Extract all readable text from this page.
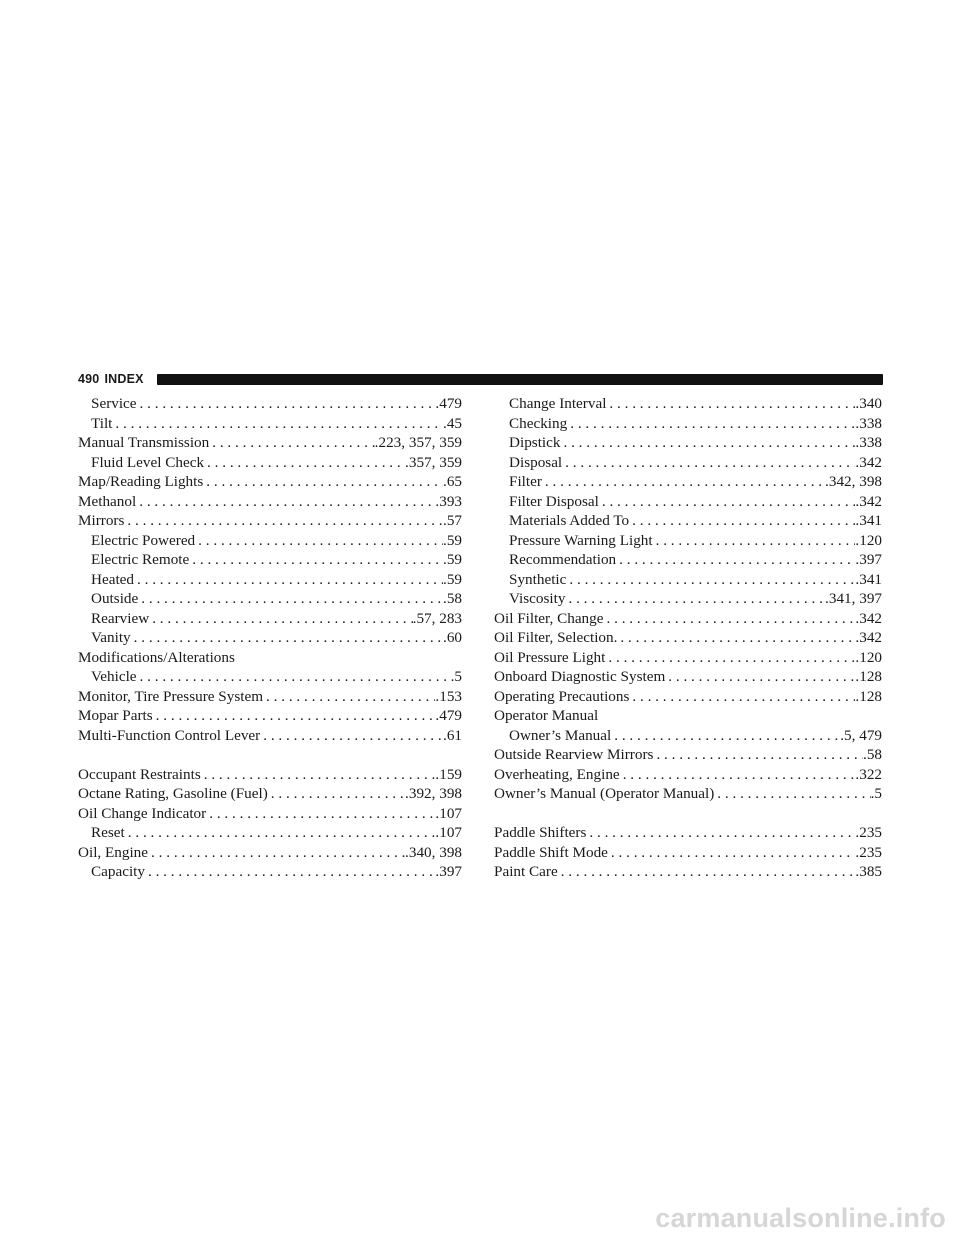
490 INDEX
Service . . .	.479
Tilt . . .	.45
Manual Transmission . . .	.223, 357, 359
Fluid Level Check . . .	.357, 359
Map/Reading Lights . . .	.65
Methanol . . .	.393
Mirrors . . .	.57
Electric Powered . . .	.59
Electric Remote . . .	.59
Heated . . .	.59
Outside . . .	.58
Rearview . . .	.57, 283
Vanity . . .	.60
Modifications/Alterations
Vehicle . . .	.5
Monitor, Tire Pressure System . . .	.153
Mopar Parts . . .	.479
Multi-Function Control Lever . . .	.61
Occupant Restraints . . .	.159
Octane Rating, Gasoline (Fuel) . . .	.392, 398
Oil Change Indicator . . .	.107
Reset . . .	.107
Oil, Engine . . .	.340, 398
Capacity . . .	.397
Change Interval . . .	.340
Checking . . .	.338
Dipstick . . .	.338
Disposal . . .	.342
Filter . . .	.342, 398
Filter Disposal . . .	.342
Materials Added To . . .	.341
Pressure Warning Light . . .	.120
Recommendation . . .	.397
Synthetic . . .	.341
Viscosity . . .	.341, 397
Oil Filter, Change . . .	.342
Oil Filter, Selection. . . .	.342
Oil Pressure Light . . .	.120
Onboard Diagnostic System . . .	.128
Operating Precautions . . .	.128
Operator Manual
Owner’s Manual . . .	.5, 479
Outside Rearview Mirrors . . .	.58
Overheating, Engine . . .	.322
Owner’s Manual (Operator Manual) . . .	.5
Paddle Shifters . . .	.235
Paddle Shift Mode . . .	.235
Paint Care . . .	.385
carmanualsonline.info
